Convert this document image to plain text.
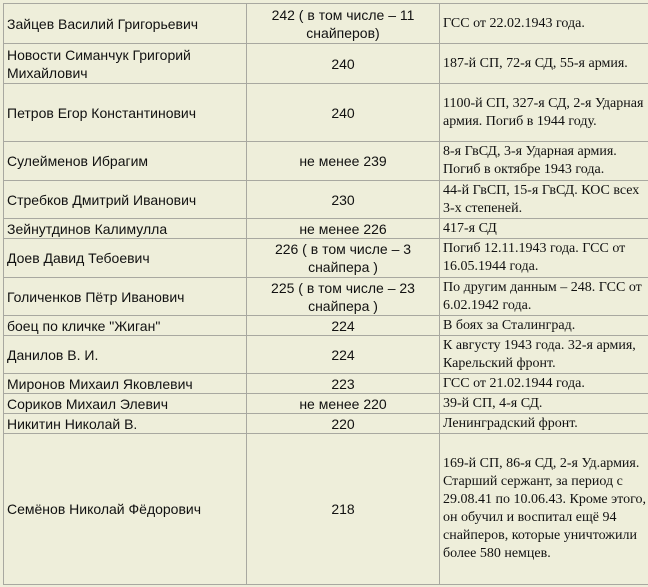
Зайцев Василий Григорьевич	242 ( в том числе – 11 снайперов)	ГСС от 22.02.1943 года.
Новости Симанчук Григорий Михайлович	240	187-й СП, 72-я СД, 55-я армия.
Петров Егор Константинович	240	1100-й СП, 327-я СД, 2-я Ударная армия. Погиб в 1944 году.
Сулейменов Ибрагим	не менее 239	8-я ГвСД, 3-я Ударная армия. Погиб в октябре 1943 года.
Стребков Дмитрий Иванович	230	44-й ГвСП, 15-я ГвСД. КОС всех 3-х степеней.
Зейнутдинов Калимулла	не менее 226	417-я СД
Доев Давид Тебоевич	226 ( в том числе – 3 снайпера )	Погиб 12.11.1943 года. ГСС от 16.05.1944 года.
Голиченков Пётр Иванович	225 ( в том числе – 23 снайпера )	По другим данным – 248. ГСС от 6.02.1942 года.
боец по кличке "Жиган"	224	В боях за Сталинград.
Данилов В. И.	224	К августу 1943 года. 32-я армия, Карельский фронт.
Миронов Михаил Яковлевич	223	ГСС от 21.02.1944 года.
Сориков Михаил Элевич	не менее 220	39-й СП, 4-я СД.
Никитин Николай В.	220	Ленинградский фронт.
Семёнов Николай Фёдорович	218	169-й СП, 86-я СД, 2-я Уд.армия. Старший сержант, за период с 29.08.41 по 10.06.43. Кроме этого, он обучил и воспитал ещё 94 снайперов, которые уничтожили более 580 немцев.
